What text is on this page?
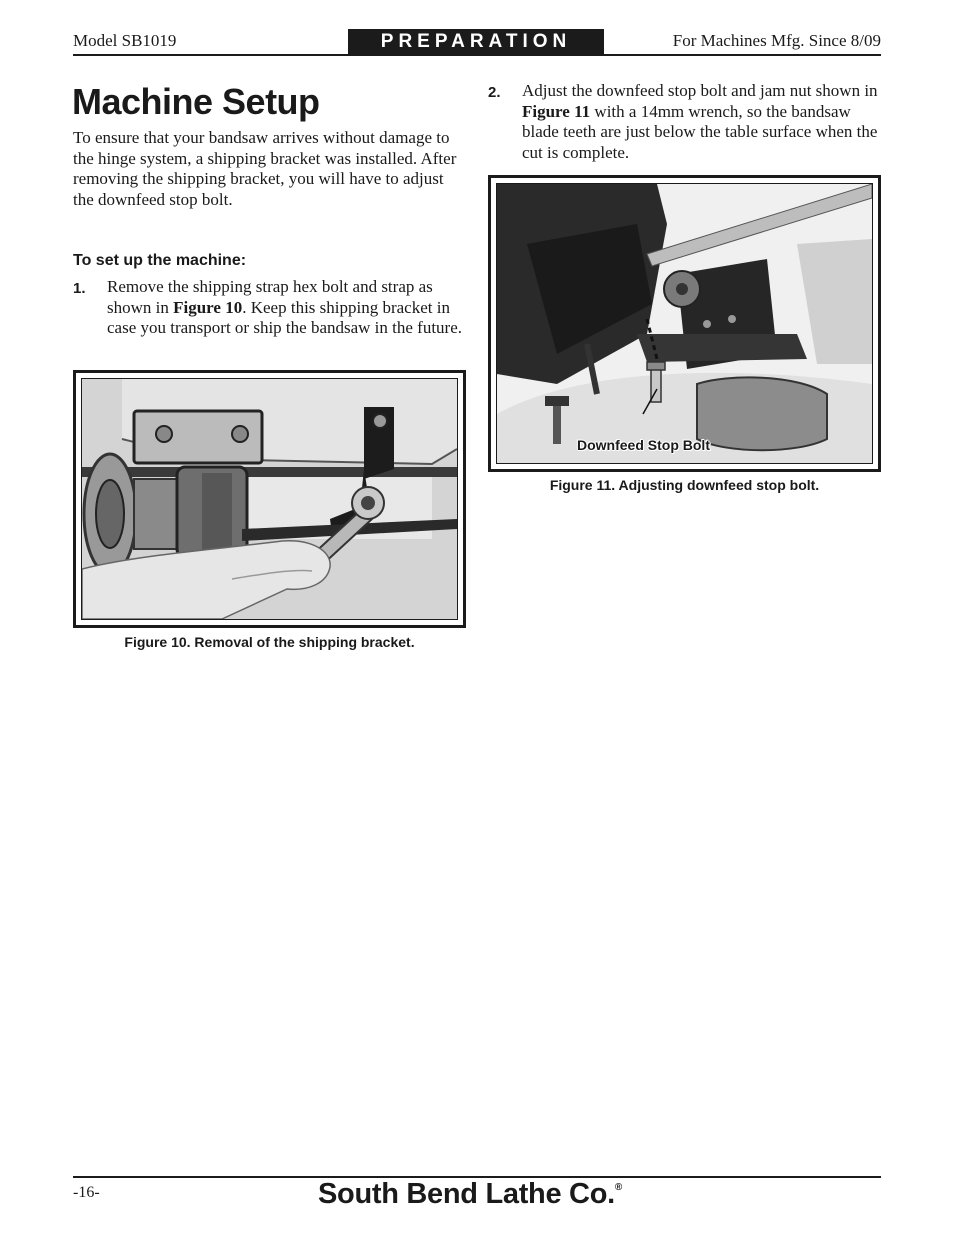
Model SB1019	PREPARATION	For Machines Mfg. Since 8/09
Machine Setup
To ensure that your bandsaw arrives without damage to the hinge system, a shipping bracket was installed. After removing the shipping bracket, you will have to adjust the downfeed stop bolt.
To set up the machine:
1.	Remove the shipping strap hex bolt and strap as shown in Figure 10. Keep this shipping bracket in case you transport or ship the bandsaw in the future.
Figure 10. Removal of the shipping bracket.
2.	Adjust the downfeed stop bolt and jam nut shown in Figure 11 with a 14mm wrench, so the bandsaw blade teeth are just below the table surface when the cut is complete.
Downfeed Stop Bolt
Figure 11. Adjusting downfeed stop bolt.
-16-	South Bend Lathe Co.®
